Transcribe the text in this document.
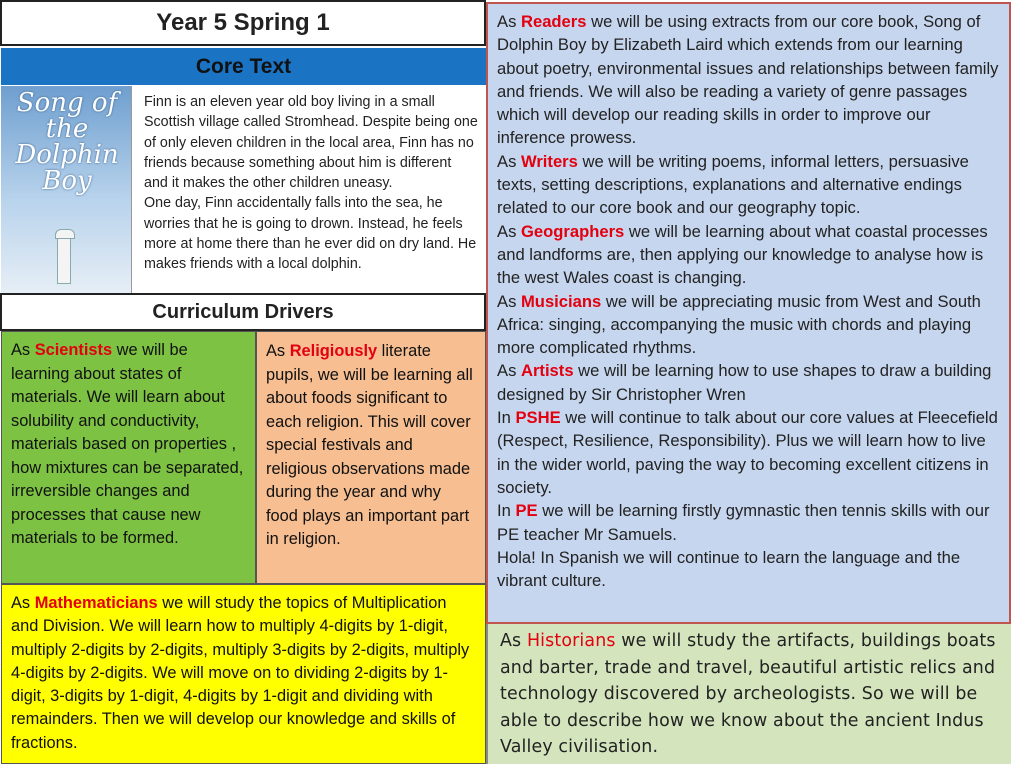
Year 5 Spring 1
Core Text
Song of
the Dolphin
Boy

Finn is an eleven year old boy living in a small Scottish village called Stromhead. Despite being one of only eleven children in the local area, Finn has no friends because something about him is different and it makes the other children uneasy.

One day, Finn accidentally falls into the sea, he worries that he is going to drown. Instead, he feels more at home there than he ever did on dry land. He makes friends with a local dolphin.

Curriculum Drivers
As Scientists we will be learning about states of materials. We will learn about solubility and conductivity, materials based on properties , how mixtures can be separated, irreversible changes and processes that cause new materials to be formed.
As Religiously literate pupils, we will be learning all about foods significant to each religion. This will cover special festivals and religious observations made during the year and why food plays an important part in religion.
As Mathematicians we will study the topics of Multiplication and Division. We will learn how to multiply 4-digits by 1-digit, multiply 2-digits by 2-digits, multiply 3-digits by 2-digits, multiply 4-digits by 2-digits. We will move on to dividing 2-digits by 1-digit, 3-digits by 1-digit, 4-digits by 1-digit and dividing with remainders. Then we will develop our knowledge and skills of fractions.

As Readers we will be using extracts from our core book, Song of Dolphin Boy by Elizabeth Laird which extends from our learning about poetry, environmental issues and relationships between family and friends. We will also be reading a variety of genre passages which will develop our reading skills in order to improve our inference prowess.

As Writers we will be writing poems, informal letters, persuasive texts, setting descriptions, explanations and alternative endings related to our core book and our geography topic.

As Geographers we will be learning about what coastal processes and landforms are, then applying our knowledge to analyse how is the west Wales coast is changing.

As Musicians we will be appreciating music from West and South Africa: singing, accompanying the music with chords and playing more complicated rhythms.

As Artists we will be learning how to use shapes to draw a building designed by Sir Christopher Wren

In PSHE we will continue to talk about our core values at Fleecefield (Respect, Resilience, Responsibility). Plus we will learn how to live in the wider world, paving the way to becoming excellent citizens in society.

In PE we will be learning firstly gymnastic then tennis skills with our PE teacher Mr Samuels.

Hola! In Spanish we will continue to learn the language and the vibrant culture.

As Historians we will study the artifacts, buildings boats and barter, trade and travel, beautiful artistic relics and technology discovered by archeologists. So we will be able to describe how we know about the ancient Indus Valley civilisation.
